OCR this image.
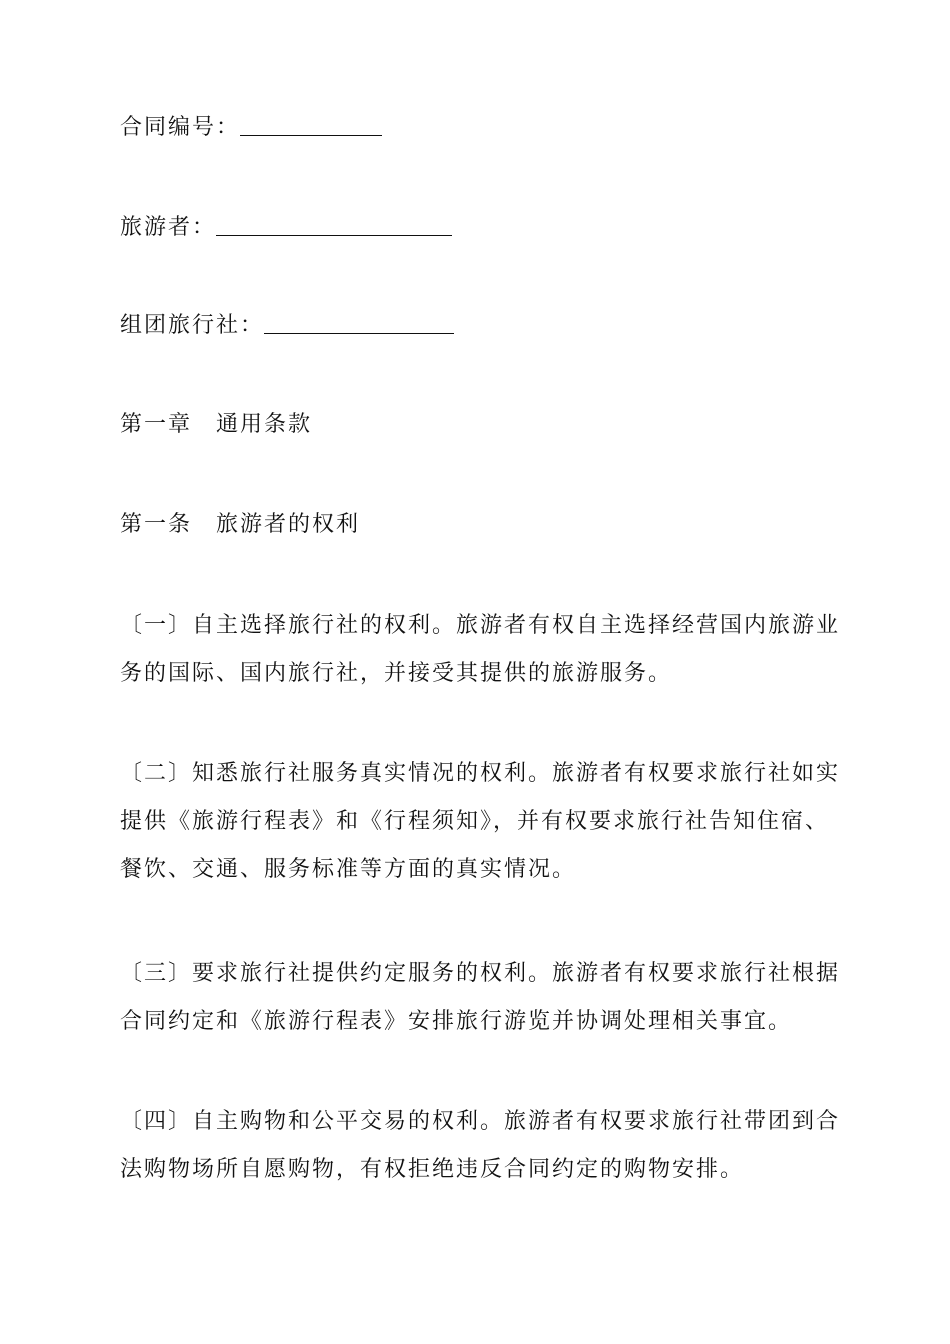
合同编号：
旅游者：
组团旅行社：
第一章 通用条款
第一条 旅游者的权利
〔一〕自主选择旅行社的权利。旅游者有权自主选择经营国内旅游业务的国际、国内旅行社，并接受其提供的旅游服务。
〔二〕知悉旅行社服务真实情况的权利。旅游者有权要求旅行社如实提供《旅游行程表》和《行程须知》，并有权要求旅行社告知住宿、餐饮、交通、服务标准等方面的真实情况。
〔三〕要求旅行社提供约定服务的权利。旅游者有权要求旅行社根据合同约定和《旅游行程表》安排旅行游览并协调处理相关事宜。
〔四〕自主购物和公平交易的权利。旅游者有权要求旅行社带团到合法购物场所自愿购物，有权拒绝违反合同约定的购物安排。
